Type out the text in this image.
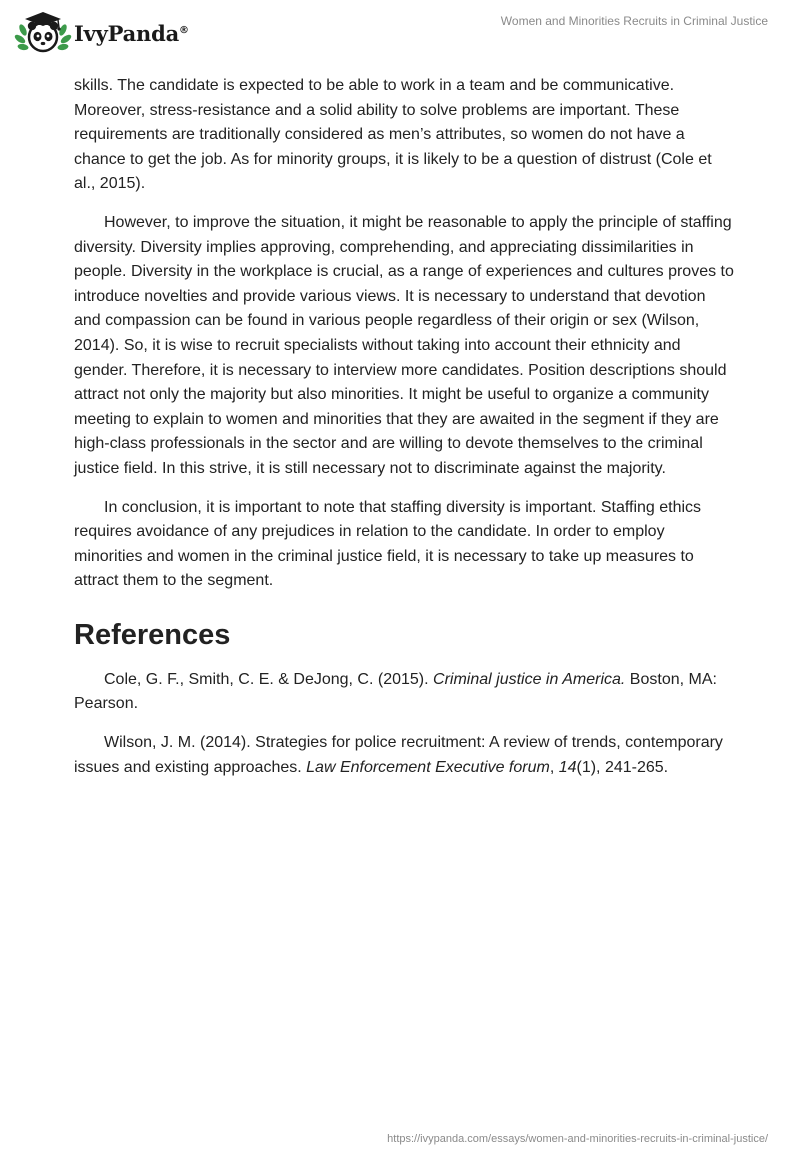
IvyPanda®
Women and Minorities Recruits in Criminal Justice

skills. The candidate is expected to be able to work in a team and be communicative. Moreover, stress-resistance and a solid ability to solve problems are important. These requirements are traditionally considered as men’s attributes, so women do not have a chance to get the job. As for minority groups, it is likely to be a question of distrust (Cole et al., 2015).

However, to improve the situation, it might be reasonable to apply the principle of staffing diversity. Diversity implies approving, comprehending, and appreciating dissimilarities in people. Diversity in the workplace is crucial, as a range of experiences and cultures proves to introduce novelties and provide various views. It is necessary to understand that devotion and compassion can be found in various people regardless of their origin or sex (Wilson, 2014). So, it is wise to recruit specialists without taking into account their ethnicity and gender. Therefore, it is necessary to interview more candidates. Position descriptions should attract not only the majority but also minorities. It might be useful to organize a community meeting to explain to women and minorities that they are awaited in the segment if they are high-class professionals in the sector and are willing to devote themselves to the criminal justice field. In this strive, it is still necessary not to discriminate against the majority.

In conclusion, it is important to note that staffing diversity is important. Staffing ethics requires avoidance of any prejudices in relation to the candidate. In order to employ minorities and women in the criminal justice field, it is necessary to take up measures to attract them to the segment.

References

Cole, G. F., Smith, C. E. & DeJong, C. (2015). Criminal justice in America. Boston, MA: Pearson.

Wilson, J. M. (2014). Strategies for police recruitment: A review of trends, contemporary issues and existing approaches. Law Enforcement Executive forum, 14(1), 241-265.

https://ivypanda.com/essays/women-and-minorities-recruits-in-criminal-justice/
